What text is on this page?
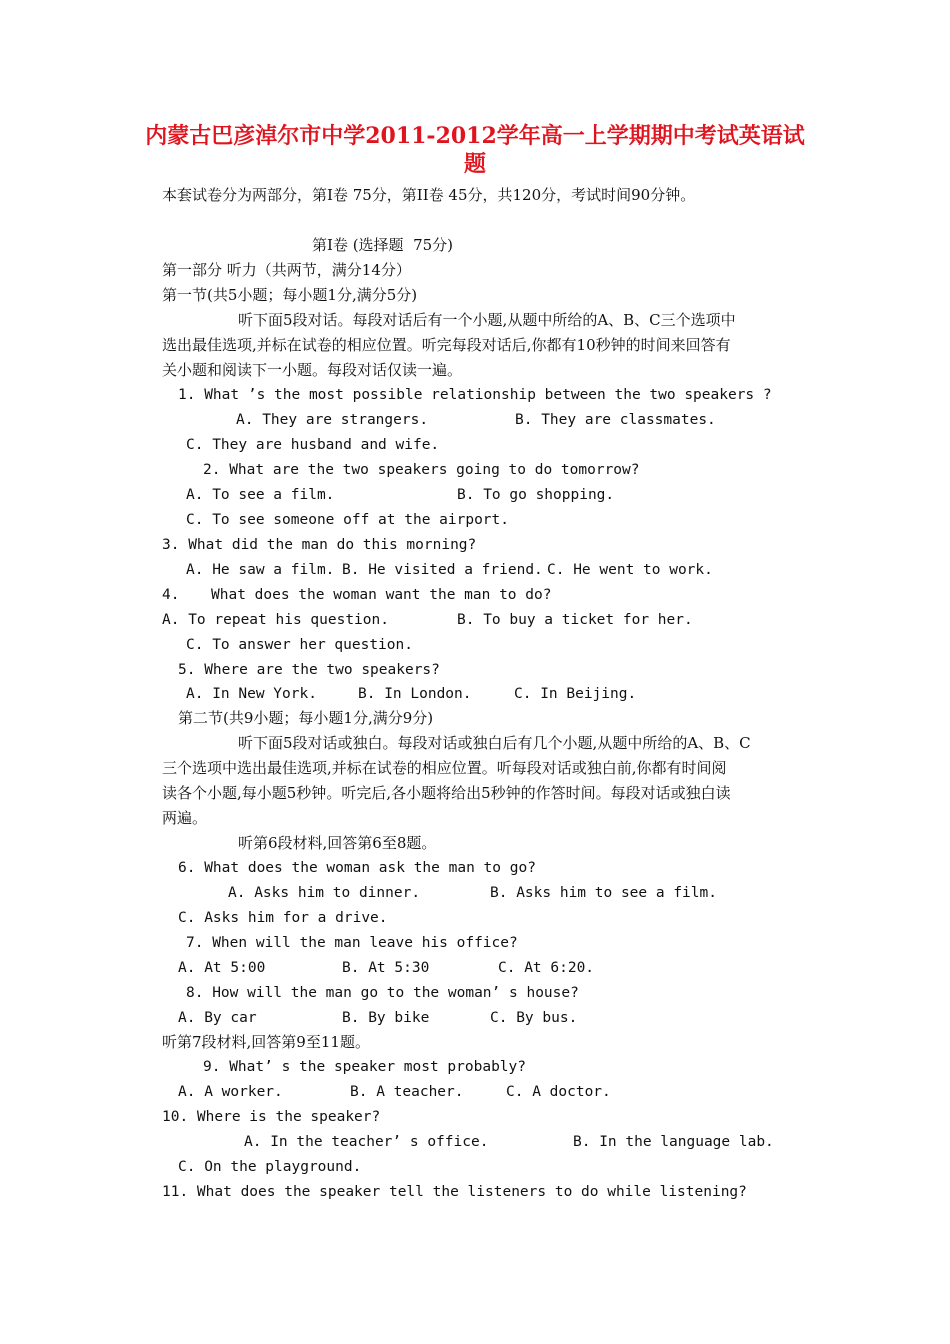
内蒙古巴彦淖尔市中学2011-2012学年高一上学期期中考试英语试
题
本套试卷分为两部分，第I卷 75分，第II卷 45分，共120分，考试时间90分钟。
第I卷 (选择题  75分)
第一部分 听力（共两节，满分14分）
第一节(共5小题；每小题1分,满分5分)
听下面5段对话。每段对话后有一个小题,从题中所给的A、B、C三个选项中
选出最佳选项,并标在试卷的相应位置。听完每段对话后,你都有10秒钟的时间来回答有
关小题和阅读下一小题。每段对话仅读一遍。
1. What ’s the most possible relationship between the two speakers ?
A. They are strangers.	B. They are classmates.
C. They are husband and wife.
2. What are the two speakers going to do tomorrow?
A. To see a film.	B. To go shopping.
C. To see someone off at the airport.
3. What did the man do this morning?
A. He saw a film. B. He visited a friend. C. He went to work.
4. What does the woman want the man to do?
A. To repeat his question.	B. To buy a ticket for her.
C. To answer her question.
5. Where are the two speakers?
A. In New York.	B. In London.	C. In Beijing.
第二节(共9小题；每小题1分,满分9分)
听下面5段对话或独白。每段对话或独白后有几个小题,从题中所给的A、B、C
三个选项中选出最佳选项,并标在试卷的相应位置。听每段对话或独白前,你都有时间阅
读各个小题,每小题5秒钟。听完后,各小题将给出5秒钟的作答时间。每段对话或独白读
两遍。
听第6段材料,回答第6至8题。
6. What does the woman ask the man to go?
A. Asks him to dinner.	B. Asks him to see a film.
C. Asks him for a drive.
7. When will the man leave his office?
A. At 5:00	B. At 5:30	C. At 6:20.
8. How will the man go to the woman’ s house?
A. By car	B. By bike	C. By bus.
听第7段材料,回答第9至11题。
9. What’ s the speaker most probably?
A. A worker.	B. A teacher.	C. A doctor.
10. Where is the speaker?
A. In the teacher’ s office.	B. In the language lab.
C. On the playground.
11. What does the speaker tell the listeners to do while listening?
